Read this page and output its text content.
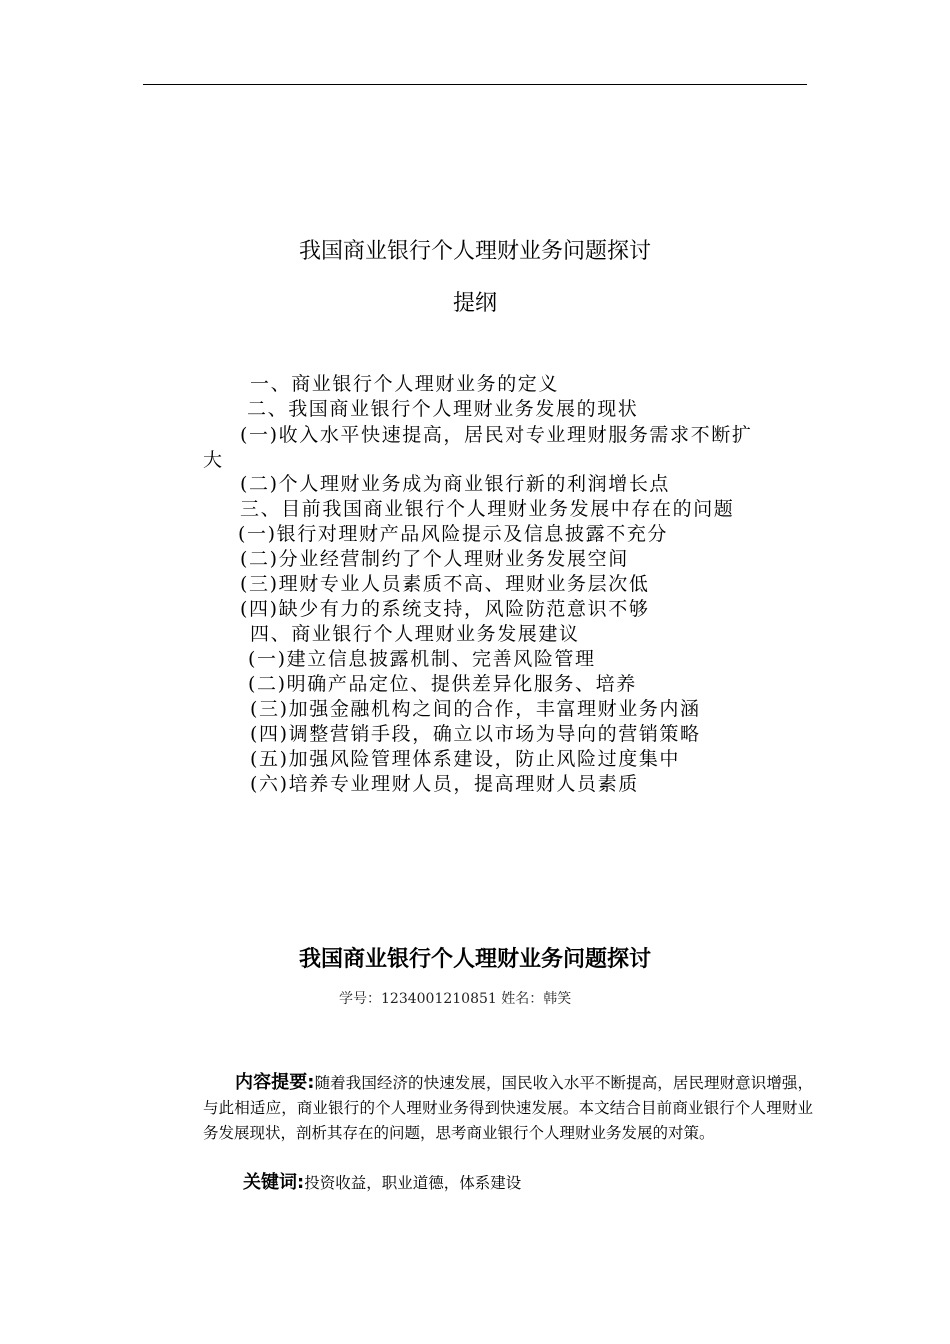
我国商业银行个人理财业务问题探讨
提纲
一、商业银行个人理财业务的定义
二、我国商业银行个人理财业务发展的现状
(一)收入水平快速提高，居民对专业理财服务需求不断扩
大
(二)个人理财业务成为商业银行新的利润增长点
三、目前我国商业银行个人理财业务发展中存在的问题
(一)银行对理财产品风险提示及信息披露不充分
(二)分业经营制约了个人理财业务发展空间
(三)理财专业人员素质不高、理财业务层次低
(四)缺少有力的系统支持，风险防范意识不够
四、商业银行个人理财业务发展建议
(一)建立信息披露机制、完善风险管理
(二)明确产品定位、提供差异化服务、培养
(三)加强金融机构之间的合作，丰富理财业务内涵
(四)调整营销手段，确立以市场为导向的营销策略
(五)加强风险管理体系建设，防止风险过度集中
(六)培养专业理财人员，提高理财人员素质
我国商业银行个人理财业务问题探讨
学号：1234001210851 姓名：韩笑
内容提要:随着我国经济的快速发展，国民收入水平不断提高，居民理财意识增强，与此相适应，商业银行的个人理财业务得到快速发展。本文结合目前商业银行个人理财业务发展现状，剖析其存在的问题，思考商业银行个人理财业务发展的对策。
关键词:投资收益，职业道德，体系建设
